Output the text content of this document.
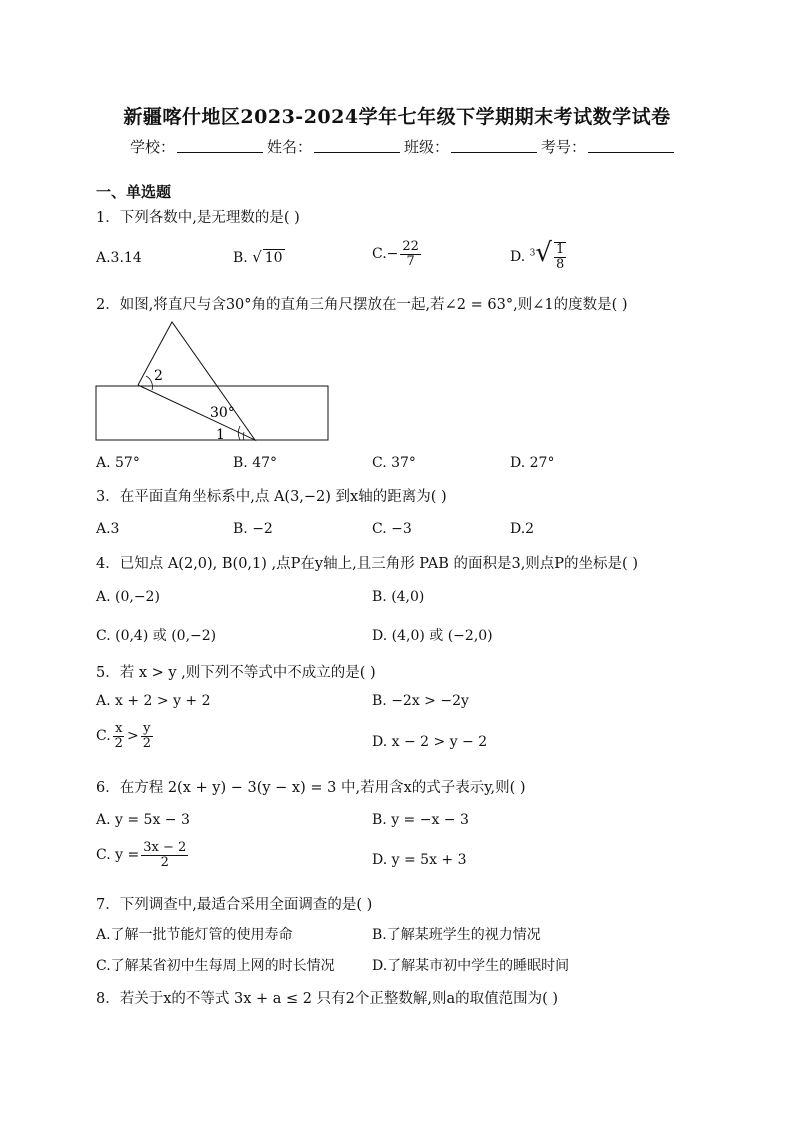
新疆喀什地区2023-2024学年七年级下学期期末考试数学试卷
学校：	姓名：	班级：	考号：
一、单选题
1．下列各数中,是无理数的是( )
A.3.14	B. √ 10	$C.- \frac{22}{7}$	D. $^3√ \frac{1}{8}$
2．如图,将直尺与含30°角的直角三角尺摆放在一起,若∠2 = 63°,则∠1的度数是( )
2
30°
1
A. 57°	B. 47°	C. 37°	D. 27°
3．在平面直角坐标系中,点 A(3,−2) 到x轴的距离为( )
A.3	B. −2	C. −3	D.2
4．已知点 A(2,0), B(0,1) ,点P在y轴上,且三角形 PAB 的面积是3,则点P的坐标是( )
A. (0,−2)	B. (4,0)
C. (0,4) 或 (0,−2)	D. (4,0) 或 (−2,0)
5．若 x > y ,则下列不等式中不成立的是( )
A. x + 2 > y + 2	B. −2x > −2y
C. $\frac{x}{2} > \frac{y}{2}$	D. x − 2 > y − 2
6．在方程 2(x + y) − 3(y − x) = 3 中,若用含x的式子表示y,则( )
A. y = 5x − 3	B. y = −x − 3
C. $y = \frac{3x - 2}{2}$	D. y = 5x + 3
7．下列调查中,最适合采用全面调查的是( )
A.了解一批节能灯管的使用寿命	B.了解某班学生的视力情况
C.了解某省初中生每周上网的时长情况	D.了解某市初中学生的睡眠时间
8．若关于x的不等式 3x + a ≤ 2 只有2个正整数解,则a的取值范围为( )
